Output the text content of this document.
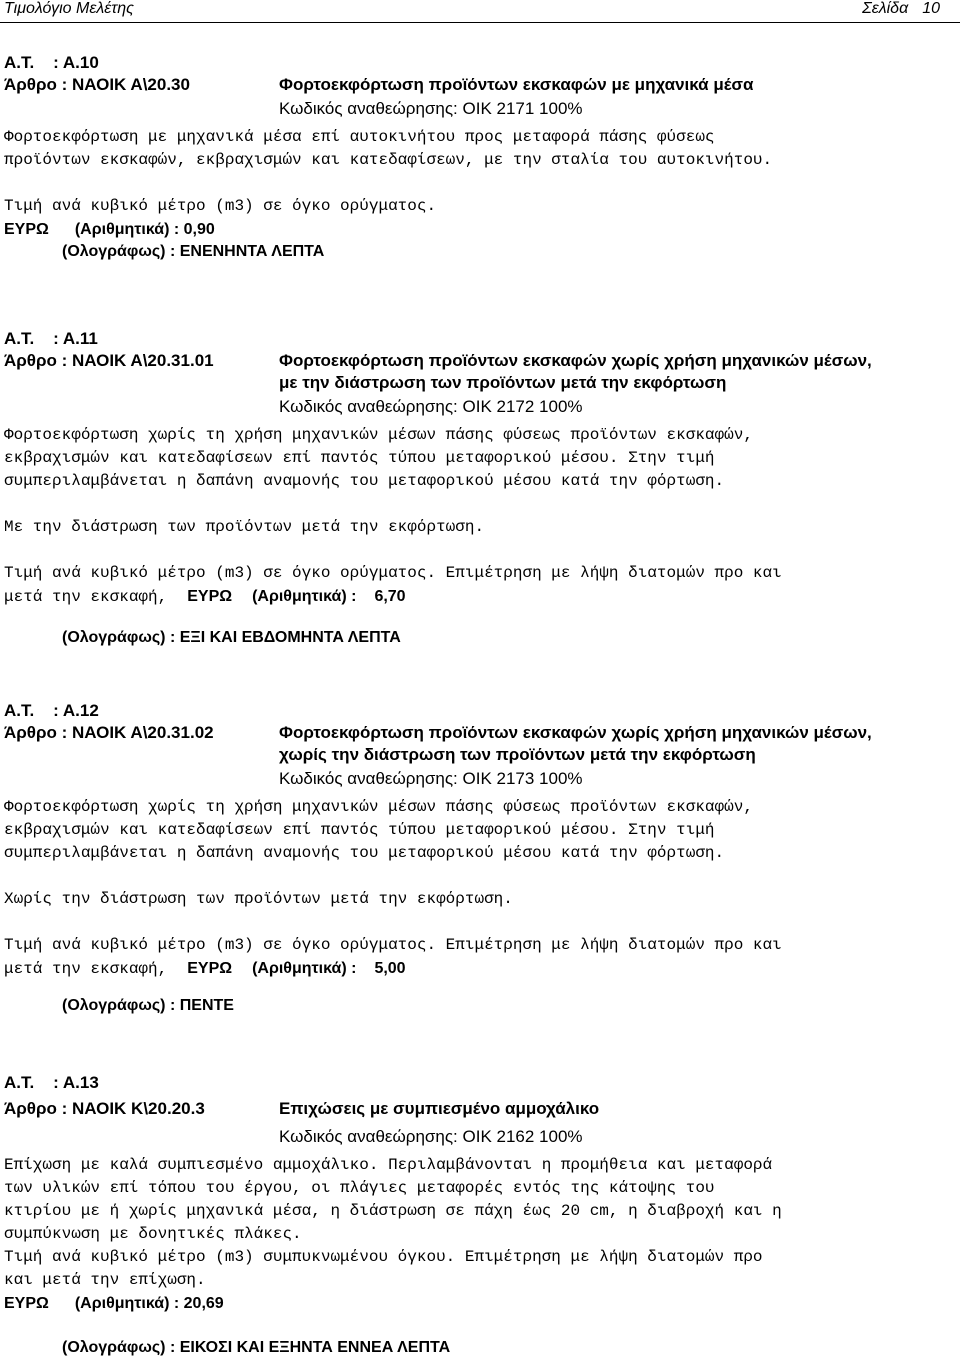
Τιμολόγιο Μελέτης	Σελίδα 10
Α.Τ. : Α.10
Άρθρο : ΝΑΟΙΚ Α\20.30	Φορτοεκφόρτωση προϊόντων εκσκαφών με μηχανικά μέσα
Κωδικός αναθεώρησης: ΟΙΚ 2171 100%
Φορτοεκφόρτωση με μηχανικά μέσα επί αυτοκινήτου προς μεταφορά πάσης φύσεως
προϊόντων εκσκαφών, εκβραχισμών και κατεδαφίσεων, με την σταλία του αυτοκινήτου.
Τιμή ανά κυβικό μέτρο (m3) σε όγκο ορύγματος.
ΕΥΡΩ (Αριθμητικά) : 0,90
(Ολογράφως) : ΕΝΕΝΗΝΤΑ ΛΕΠΤΑ
Α.Τ. : Α.11
Άρθρο : ΝΑΟΙΚ Α\20.31.01	Φορτοεκφόρτωση προϊόντων εκσκαφών χωρίς χρήση μηχανικών μέσων,
με την διάστρωση των προϊόντων μετά την εκφόρτωση
Κωδικός αναθεώρησης: ΟΙΚ 2172 100%
Φορτοεκφόρτωση χωρίς τη χρήση μηχανικών μέσων πάσης φύσεως προϊόντων εκσκαφών,
εκβραχισμών και κατεδαφίσεων επί παντός τύπου μεταφορικού μέσου. Στην τιμή
συμπεριλαμβάνεται η δαπάνη αναμονής του μεταφορικού μέσου κατά την φόρτωση.
Με την διάστρωση των προϊόντων μετά την εκφόρτωση.
Τιμή ανά κυβικό μέτρο (m3) σε όγκο ορύγματος. Επιμέτρηση με λήψη διατομών προ και
μετά την εκσκαφή, ΕΥΡΩ (Αριθμητικά) : 6,70
(Ολογράφως) : ΕΞΙ ΚΑΙ ΕΒΔΟΜΗΝΤΑ ΛΕΠΤΑ
Α.Τ. : Α.12
Άρθρο : ΝΑΟΙΚ Α\20.31.02	Φορτοεκφόρτωση προϊόντων εκσκαφών χωρίς χρήση μηχανικών μέσων,
χωρίς την διάστρωση των προϊόντων μετά την εκφόρτωση
Κωδικός αναθεώρησης: ΟΙΚ 2173 100%
Φορτοεκφόρτωση χωρίς τη χρήση μηχανικών μέσων πάσης φύσεως προϊόντων εκσκαφών,
εκβραχισμών και κατεδαφίσεων επί παντός τύπου μεταφορικού μέσου. Στην τιμή
συμπεριλαμβάνεται η δαπάνη αναμονής του μεταφορικού μέσου κατά την φόρτωση.
Χωρίς την διάστρωση των προϊόντων μετά την εκφόρτωση.
Τιμή ανά κυβικό μέτρο (m3) σε όγκο ορύγματος. Επιμέτρηση με λήψη διατομών προ και
μετά την εκσκαφή, ΕΥΡΩ (Αριθμητικά) : 5,00
(Ολογράφως) : ΠΕΝΤΕ
Α.Τ. : Α.13
Άρθρο : ΝΑΟΙΚ Κ\20.20.3	Επιχώσεις με συμπιεσμένο αμμοχάλικο
Κωδικός αναθεώρησης: ΟΙΚ 2162 100%
Επίχωση με καλά συμπιεσμένο αμμοχάλικο. Περιλαμβάνονται η προμήθεια και μεταφορά
των υλικών επί τόπου του έργου, οι πλάγιες μεταφορές εντός της κάτοψης του
κτιρίου με ή χωρίς μηχανικά μέσα, η διάστρωση σε πάχη έως 20 cm, η διαβροχή και η
συμπύκνωση με δονητικές πλάκες.
Τιμή ανά κυβικό μέτρο (m3) συμπυκνωμένου όγκου. Επιμέτρηση με λήψη διατομών προ
και μετά την επίχωση.
ΕΥΡΩ (Αριθμητικά) : 20,69
(Ολογράφως) : ΕΙΚΟΣΙ ΚΑΙ ΕΞΗΝΤΑ ΕΝΝΕΑ ΛΕΠΤΑ
